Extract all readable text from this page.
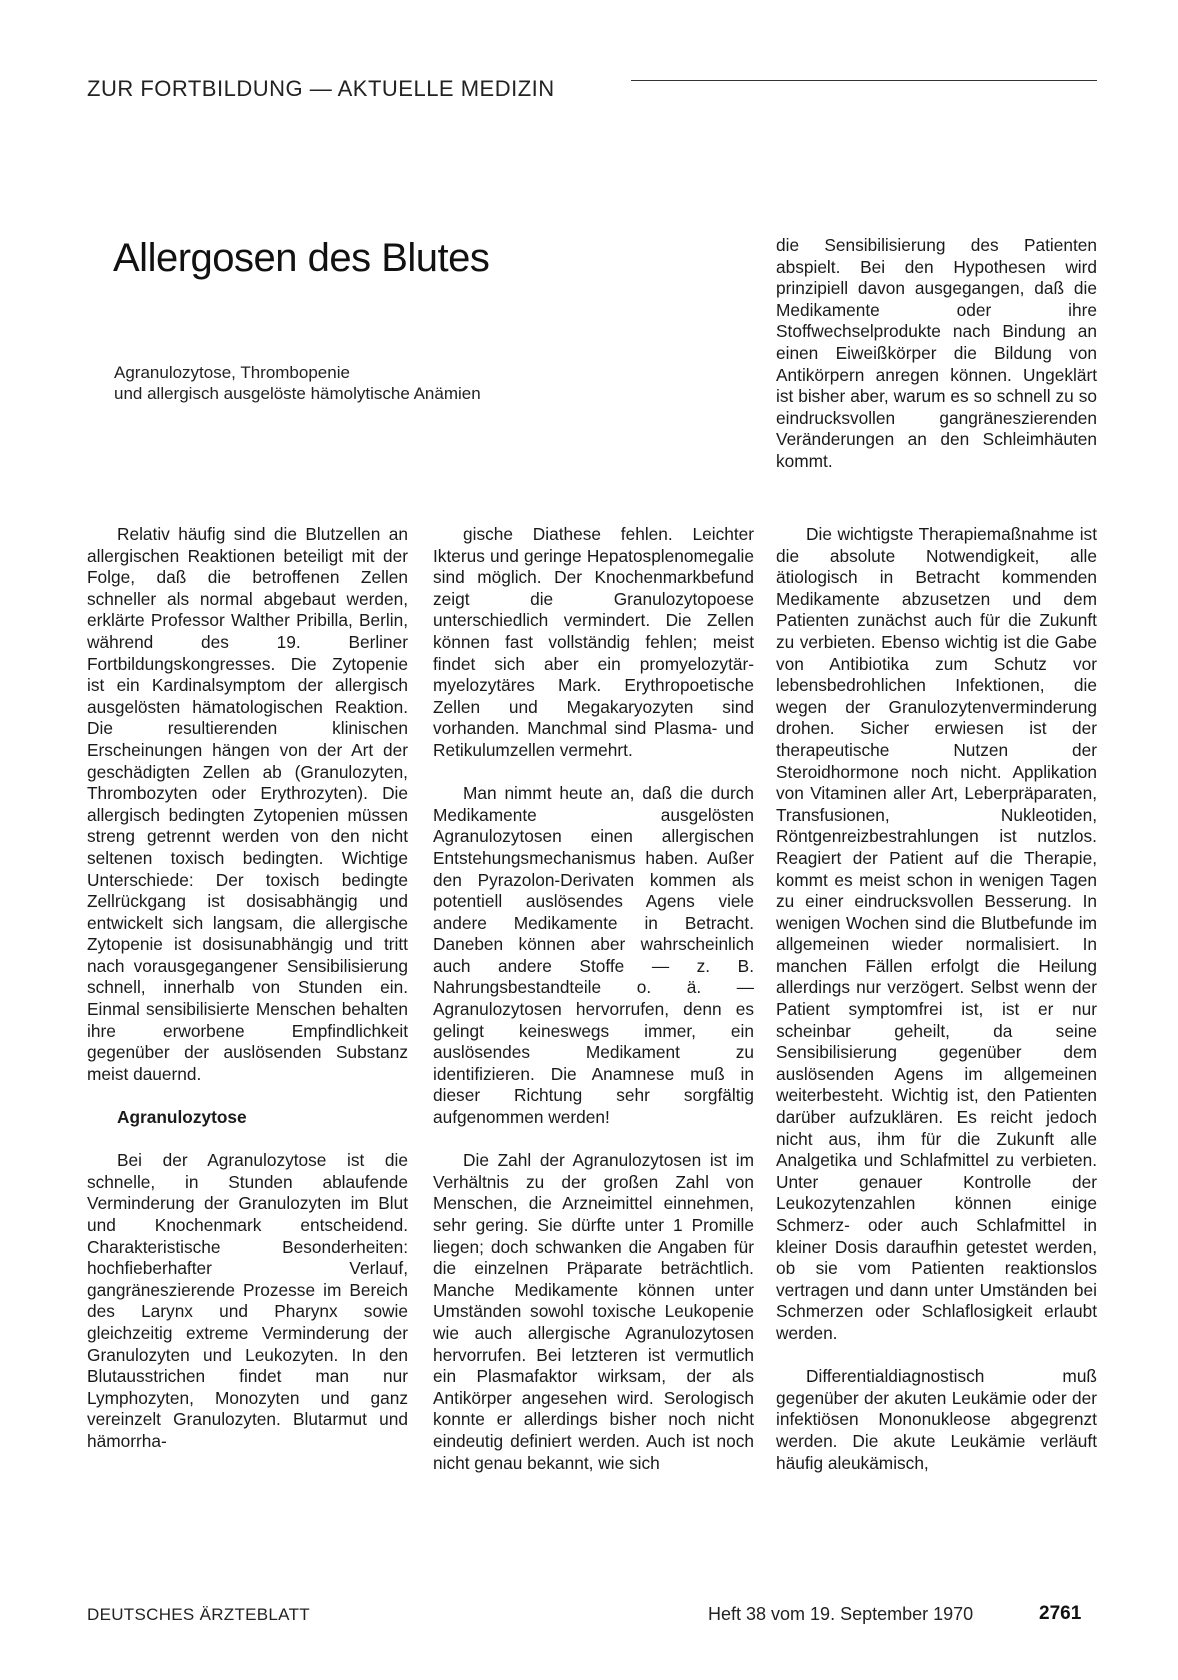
ZUR FORTBILDUNG — AKTUELLE MEDIZIN
Allergosen des Blutes
Agranulozytose, Thrombopenie
und allergisch ausgelöste hämolytische Anämien

die Sensibilisierung des Patienten abspielt. Bei den Hypothesen wird prinzipiell davon ausgegangen, daß die Medikamente oder ihre Stoffwechselprodukte nach Bindung an einen Eiweißkörper die Bildung von Antikörpern anregen können. Ungeklärt ist bisher aber, warum es so schnell zu so eindrucksvollen gangräneszierenden Veränderungen an den Schleimhäuten kommt.

Relativ häufig sind die Blutzellen an allergischen Reaktionen beteiligt mit der Folge, daß die betroffenen Zellen schneller als normal abgebaut werden, erklärte Professor Walther Pribilla, Berlin, während des 19. Berliner Fortbildungskongresses. Die Zytopenie ist ein Kardinalsymptom der allergisch ausgelösten hämatologischen Reaktion. Die resultierenden klinischen Erscheinungen hängen von der Art der geschädigten Zellen ab (Granulozyten, Thrombozyten oder Erythrozyten). Die allergisch bedingten Zytopenien müssen streng getrennt werden von den nicht seltenen toxisch bedingten. Wichtige Unterschiede: Der toxisch bedingte Zellrückgang ist dosisabhängig und entwickelt sich langsam, die allergische Zytopenie ist dosisunabhängig und tritt nach vorausgegangener Sensibilisierung schnell, innerhalb von Stunden ein. Einmal sensibilisierte Menschen behalten ihre erworbene Empfindlichkeit gegenüber der auslösenden Substanz meist dauernd.

Agranulozytose

Bei der Agranulozytose ist die schnelle, in Stunden ablaufende Verminderung der Granulozyten im Blut und Knochenmark entscheidend. Charakteristische Besonderheiten: hochfieberhafter Verlauf, gangräneszierende Prozesse im Bereich des Larynx und Pharynx sowie gleichzeitig extreme Verminderung der Granulozyten und Leukozyten. In den Blutausstrichen findet man nur Lymphozyten, Monozyten und ganz vereinzelt Granulozyten. Blutarmut und hämorrha-

gische Diathese fehlen. Leichter Ikterus und geringe Hepatosplenomegalie sind möglich. Der Knochenmarkbefund zeigt die Granulozytopoese unterschiedlich vermindert. Die Zellen können fast vollständig fehlen; meist findet sich aber ein promyelozytär-myelozytäres Mark. Erythropoetische Zellen und Megakaryozyten sind vorhanden. Manchmal sind Plasma- und Retikulumzellen vermehrt.

Man nimmt heute an, daß die durch Medikamente ausgelösten Agranulozytosen einen allergischen Entstehungsmechanismus haben. Außer den Pyrazolon-Derivaten kommen als potentiell auslösendes Agens viele andere Medikamente in Betracht. Daneben können aber wahrscheinlich auch andere Stoffe — z. B. Nahrungsbestandteile o. ä. — Agranulozytosen hervorrufen, denn es gelingt keineswegs immer, ein auslösendes Medikament zu identifizieren. Die Anamnese muß in dieser Richtung sehr sorgfältig aufgenommen werden!

Die Zahl der Agranulozytosen ist im Verhältnis zu der großen Zahl von Menschen, die Arzneimittel einnehmen, sehr gering. Sie dürfte unter 1 Promille liegen; doch schwanken die Angaben für die einzelnen Präparate beträchtlich. Manche Medikamente können unter Umständen sowohl toxische Leukopenie wie auch allergische Agranulozytosen hervorrufen. Bei letzteren ist vermutlich ein Plasmafaktor wirksam, der als Antikörper angesehen wird. Serologisch konnte er allerdings bisher noch nicht eindeutig definiert werden. Auch ist noch nicht genau bekannt, wie sich

Die wichtigste Therapiemaßnahme ist die absolute Notwendigkeit, alle ätiologisch in Betracht kommenden Medikamente abzusetzen und dem Patienten zunächst auch für die Zukunft zu verbieten. Ebenso wichtig ist die Gabe von Antibiotika zum Schutz vor lebensbedrohlichen Infektionen, die wegen der Granulozytenverminderung drohen. Sicher erwiesen ist der therapeutische Nutzen der Steroidhormone noch nicht. Applikation von Vitaminen aller Art, Leberpräparaten, Transfusionen, Nukleotiden, Röntgenreizbestrahlungen ist nutzlos. Reagiert der Patient auf die Therapie, kommt es meist schon in wenigen Tagen zu einer eindrucksvollen Besserung. In wenigen Wochen sind die Blutbefunde im allgemeinen wieder normalisiert. In manchen Fällen erfolgt die Heilung allerdings nur verzögert. Selbst wenn der Patient symptomfrei ist, ist er nur scheinbar geheilt, da seine Sensibilisierung gegenüber dem auslösenden Agens im allgemeinen weiterbesteht. Wichtig ist, den Patienten darüber aufzuklären. Es reicht jedoch nicht aus, ihm für die Zukunft alle Analgetika und Schlafmittel zu verbieten. Unter genauer Kontrolle der Leukozytenzahlen können einige Schmerz- oder auch Schlafmittel in kleiner Dosis daraufhin getestet werden, ob sie vom Patienten reaktionslos vertragen und dann unter Umständen bei Schmerzen oder Schlaflosigkeit erlaubt werden.

Differentialdiagnostisch muß gegenüber der akuten Leukämie oder der infektiösen Mononukleose abgegrenzt werden. Die akute Leukämie verläuft häufig aleukämisch,

DEUTSCHES ÄRZTEBLATT	Heft 38 vom 19. September 1970	2761
